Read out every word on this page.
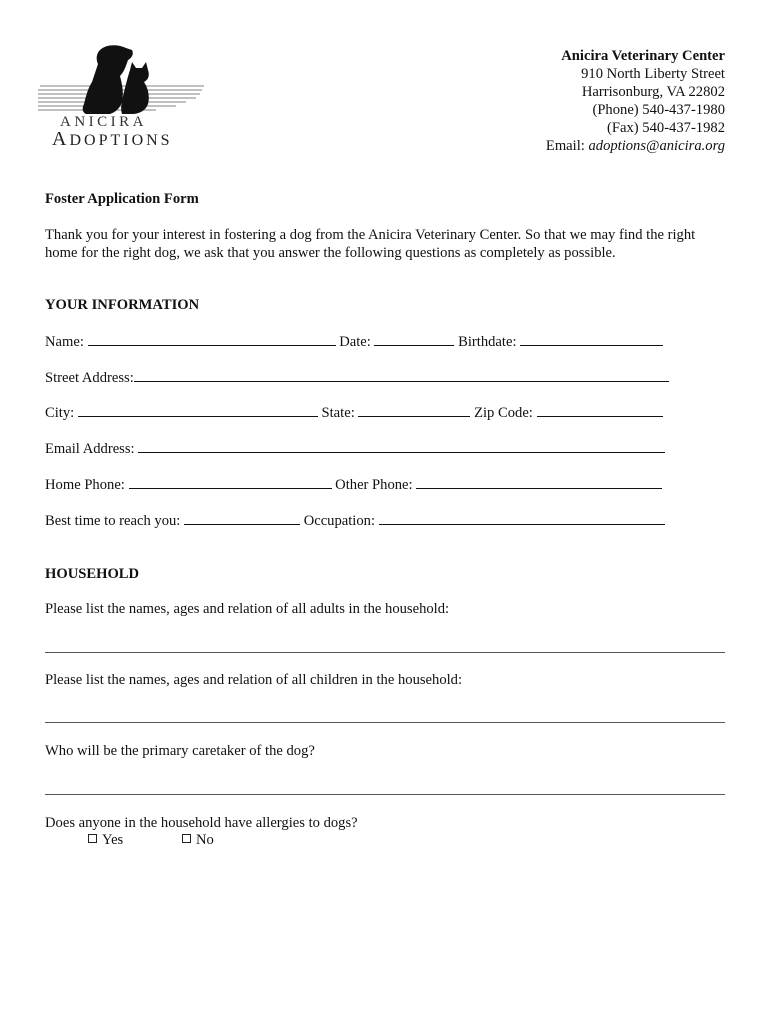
ANICIRA
ADOPTIONS
Anicira Veterinary Center
910 North Liberty Street
Harrisonburg, VA 22802
(Phone) 540-437-1980
(Fax) 540-437-1982
Email: adoptions@anicira.org
Foster Application Form
Thank you for your interest in fostering a dog from the Anicira Veterinary Center. So that we may find the right home for the right dog, we ask that you answer the following questions as completely as possible.
YOUR INFORMATION
Name:	Date:	Birthdate:
Street Address:
City:	State:	Zip Code:
Email Address:
Home Phone:	Other Phone:
Best time to reach you:	Occupation:
HOUSEHOLD
Please list the names, ages and relation of all adults in the household:
Please list the names, ages and relation of all children in the household:
Who will be the primary caretaker of the dog?
Does anyone in the household have allergies to dogs?
Yes	No
